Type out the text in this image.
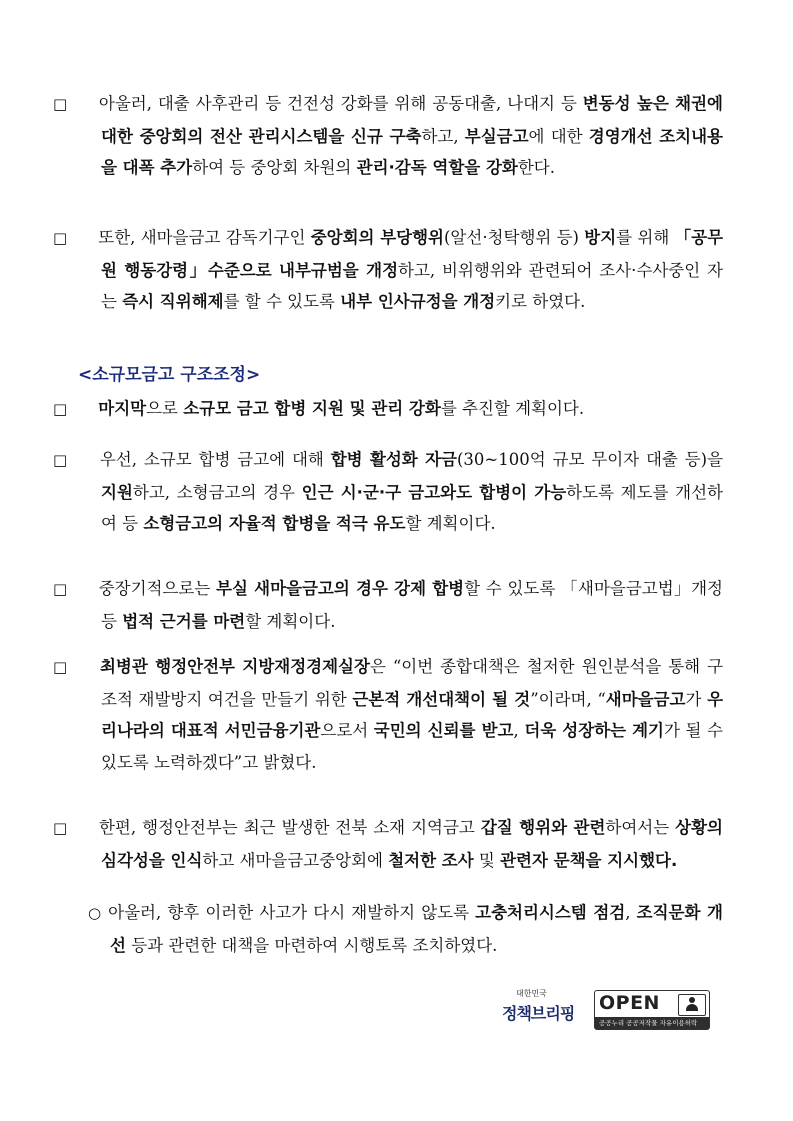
□ 아울러, 대출 사후관리 등 건전성 강화를 위해 공동대출, 나대지 등 변동성 높은 채권에 대한 중앙회의 전산 관리시스템을 신규 구축하고, 부실금고에 대한 경영개선 조치내용을 대폭 추가하여 등 중앙회 차원의 관리·감독 역할을 강화한다.

□ 또한, 새마을금고 감독기구인 중앙회의 부당행위(알선·청탁행위 등) 방지를 위해 「공무원 행동강령」수준으로 내부규범을 개정하고, 비위행위와 관련되어 조사·수사중인 자는 즉시 직위해제를 할 수 있도록 내부 인사규정을 개정키로 하였다.

<소규모금고 구조조정>

□ 마지막으로 소규모 금고 합병 지원 및 관리 강화를 추진할 계획이다.

□ 우선, 소규모 합병 금고에 대해 합병 활성화 자금(30~100억 규모 무이자 대출 등)을 지원하고, 소형금고의 경우 인근 시·군·구 금고와도 합병이 가능하도록 제도를 개선하여 등 소형금고의 자율적 합병을 적극 유도할 계획이다.

□ 중장기적으로는 부실 새마을금고의 경우 강제 합병할 수 있도록 「새마을금고법」개정 등 법적 근거를 마련할 계획이다.

□ 최병관 행정안전부 지방재정경제실장은 “이번 종합대책은 철저한 원인분석을 통해 구조적 재발방지 여건을 만들기 위한 근본적 개선대책이 될 것”이라며, “새마을금고가 우리나라의 대표적 서민금융기관으로서 국민의 신뢰를 받고, 더욱 성장하는 계기가 될 수 있도록 노력하겠다”고 밝혔다.

□ 한편, 행정안전부는 최근 발생한 전북 소재 지역금고 갑질 행위와 관련하여서는 상황의 심각성을 인식하고 새마을금고중앙회에 철저한 조사 및 관련자 문책을 지시했다.

○ 아울러, 향후 이러한 사고가 다시 재발하지 않도록 고충처리시스템 점검, 조직문화 개선 등과 관련한 대책을 마련하여 시행토록 조치하였다.

대한민국
정책브리핑 OPEN
공공누리 공공저작물 자유이용허락
